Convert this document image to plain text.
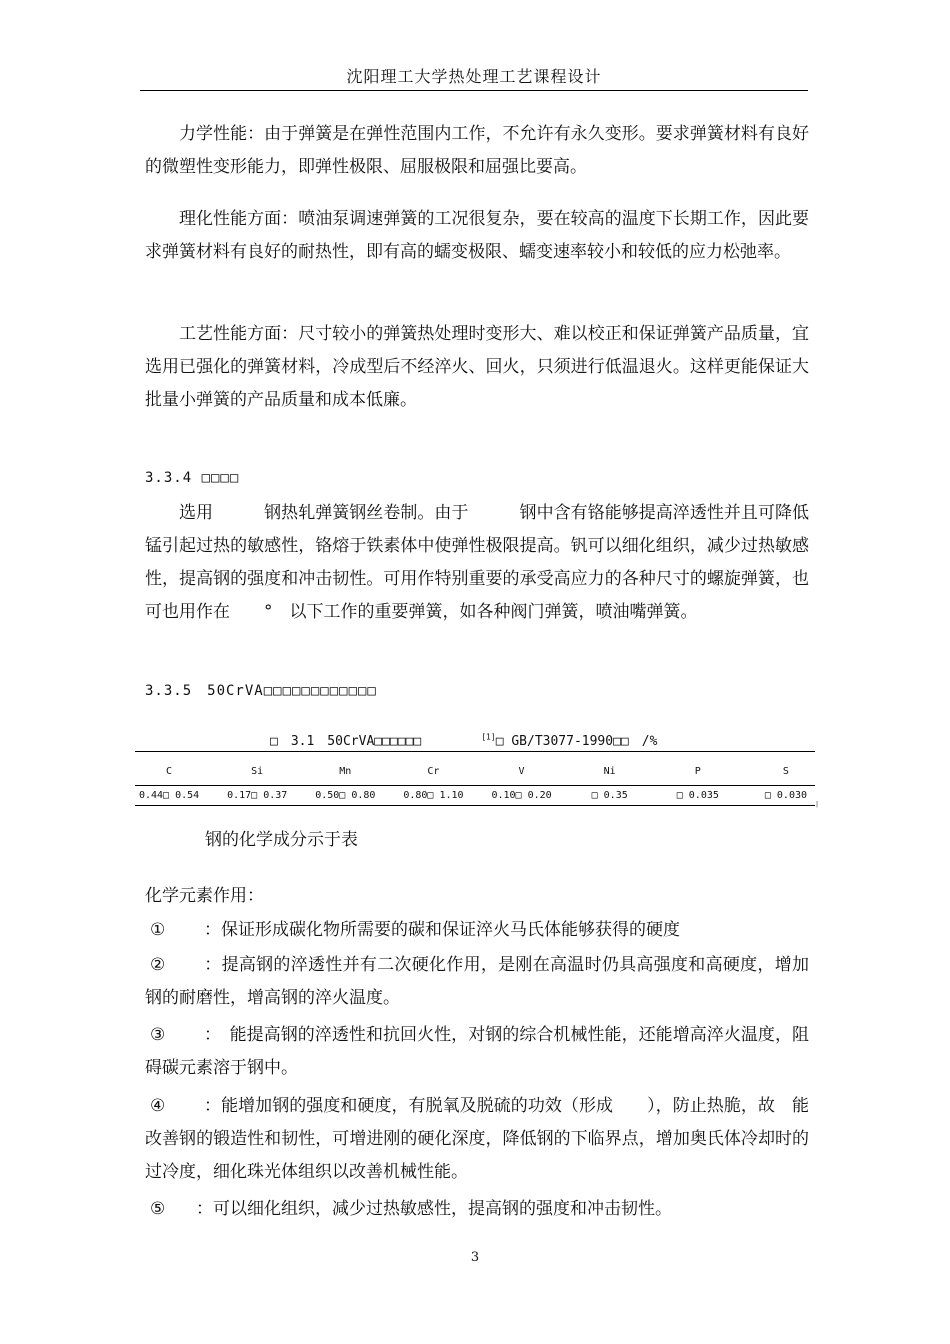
沈阳理工大学热处理工艺课程设计

力学性能：由于弹簧是在弹性范围内工作，不允许有永久变形。要求弹簧材料有良好的微塑性变形能力，即弹性极限、屈服极限和屈强比要高。

理化性能方面：喷油泵调速弹簧的工况很复杂，要在较高的温度下长期工作，因此要求弹簧材料有良好的耐热性，即有高的蠕变极限、蠕变速率较小和较低的应力松弛率。

工艺性能方面：尺寸较小的弹簧热处理时变形大、难以校正和保证弹簧产品质量，宜选用已强化的弹簧材料，冷成型后不经淬火、回火，只须进行低温退火。这样更能保证大批量小弹簧的产品质量和成本低廉。

3.3.4 □□□□

选用　　　钢热轧弹簧钢丝卷制。由于　　　钢中含有铬能够提高淬透性并且可降低锰引起过热的敏感性，铬熔于铁素体中使弹性极限提高。钒可以细化组织，减少过热敏感性，提高钢的强度和冲击韧性。可用作特别重要的承受高应力的各种尺寸的螺旋弹簧，也可也用作在　　°　以下工作的重要弹簧，如各种阀门弹簧，喷油嘴弹簧。

3.3.5　50CrVA□□□□□□□□□□□□
□　3.1　50CrVA□□□□□□	[1]□ GB/T3077-1990□□　/%
C	Si	Mn	Cr	V	Ni	P	S
0.44□ 0.54	0.17□ 0.37	0.50□ 0.80	0.80□ 1.10	0.10□ 0.20	□ 0.35	□ 0.035	□ 0.030
|

钢的化学成分示于表

化学元素作用：

① ：保证形成碳化物所需要的碳和保证淬火马氏体能够获得的硬度

② ：提高钢的淬透性并有二次硬化作用，是刚在高温时仍具高强度和高硬度，增加钢的耐磨性，增高钢的淬火温度。

③ ：　能提高钢的淬透性和抗回火性，对钢的综合机械性能，还能增高淬火温度，阻碍碳元素溶于钢中。

④ ：能增加钢的强度和硬度，有脱氧及脱硫的功效（形成　　），防止热脆，故　能改善钢的锻造性和韧性，可增进刚的硬化深度，降低钢的下临界点，增加奥氏体冷却时的过冷度，细化珠光体组织以改善机械性能。

⑤ ：可以细化组织，减少过热敏感性，提高钢的强度和冲击韧性。

3
